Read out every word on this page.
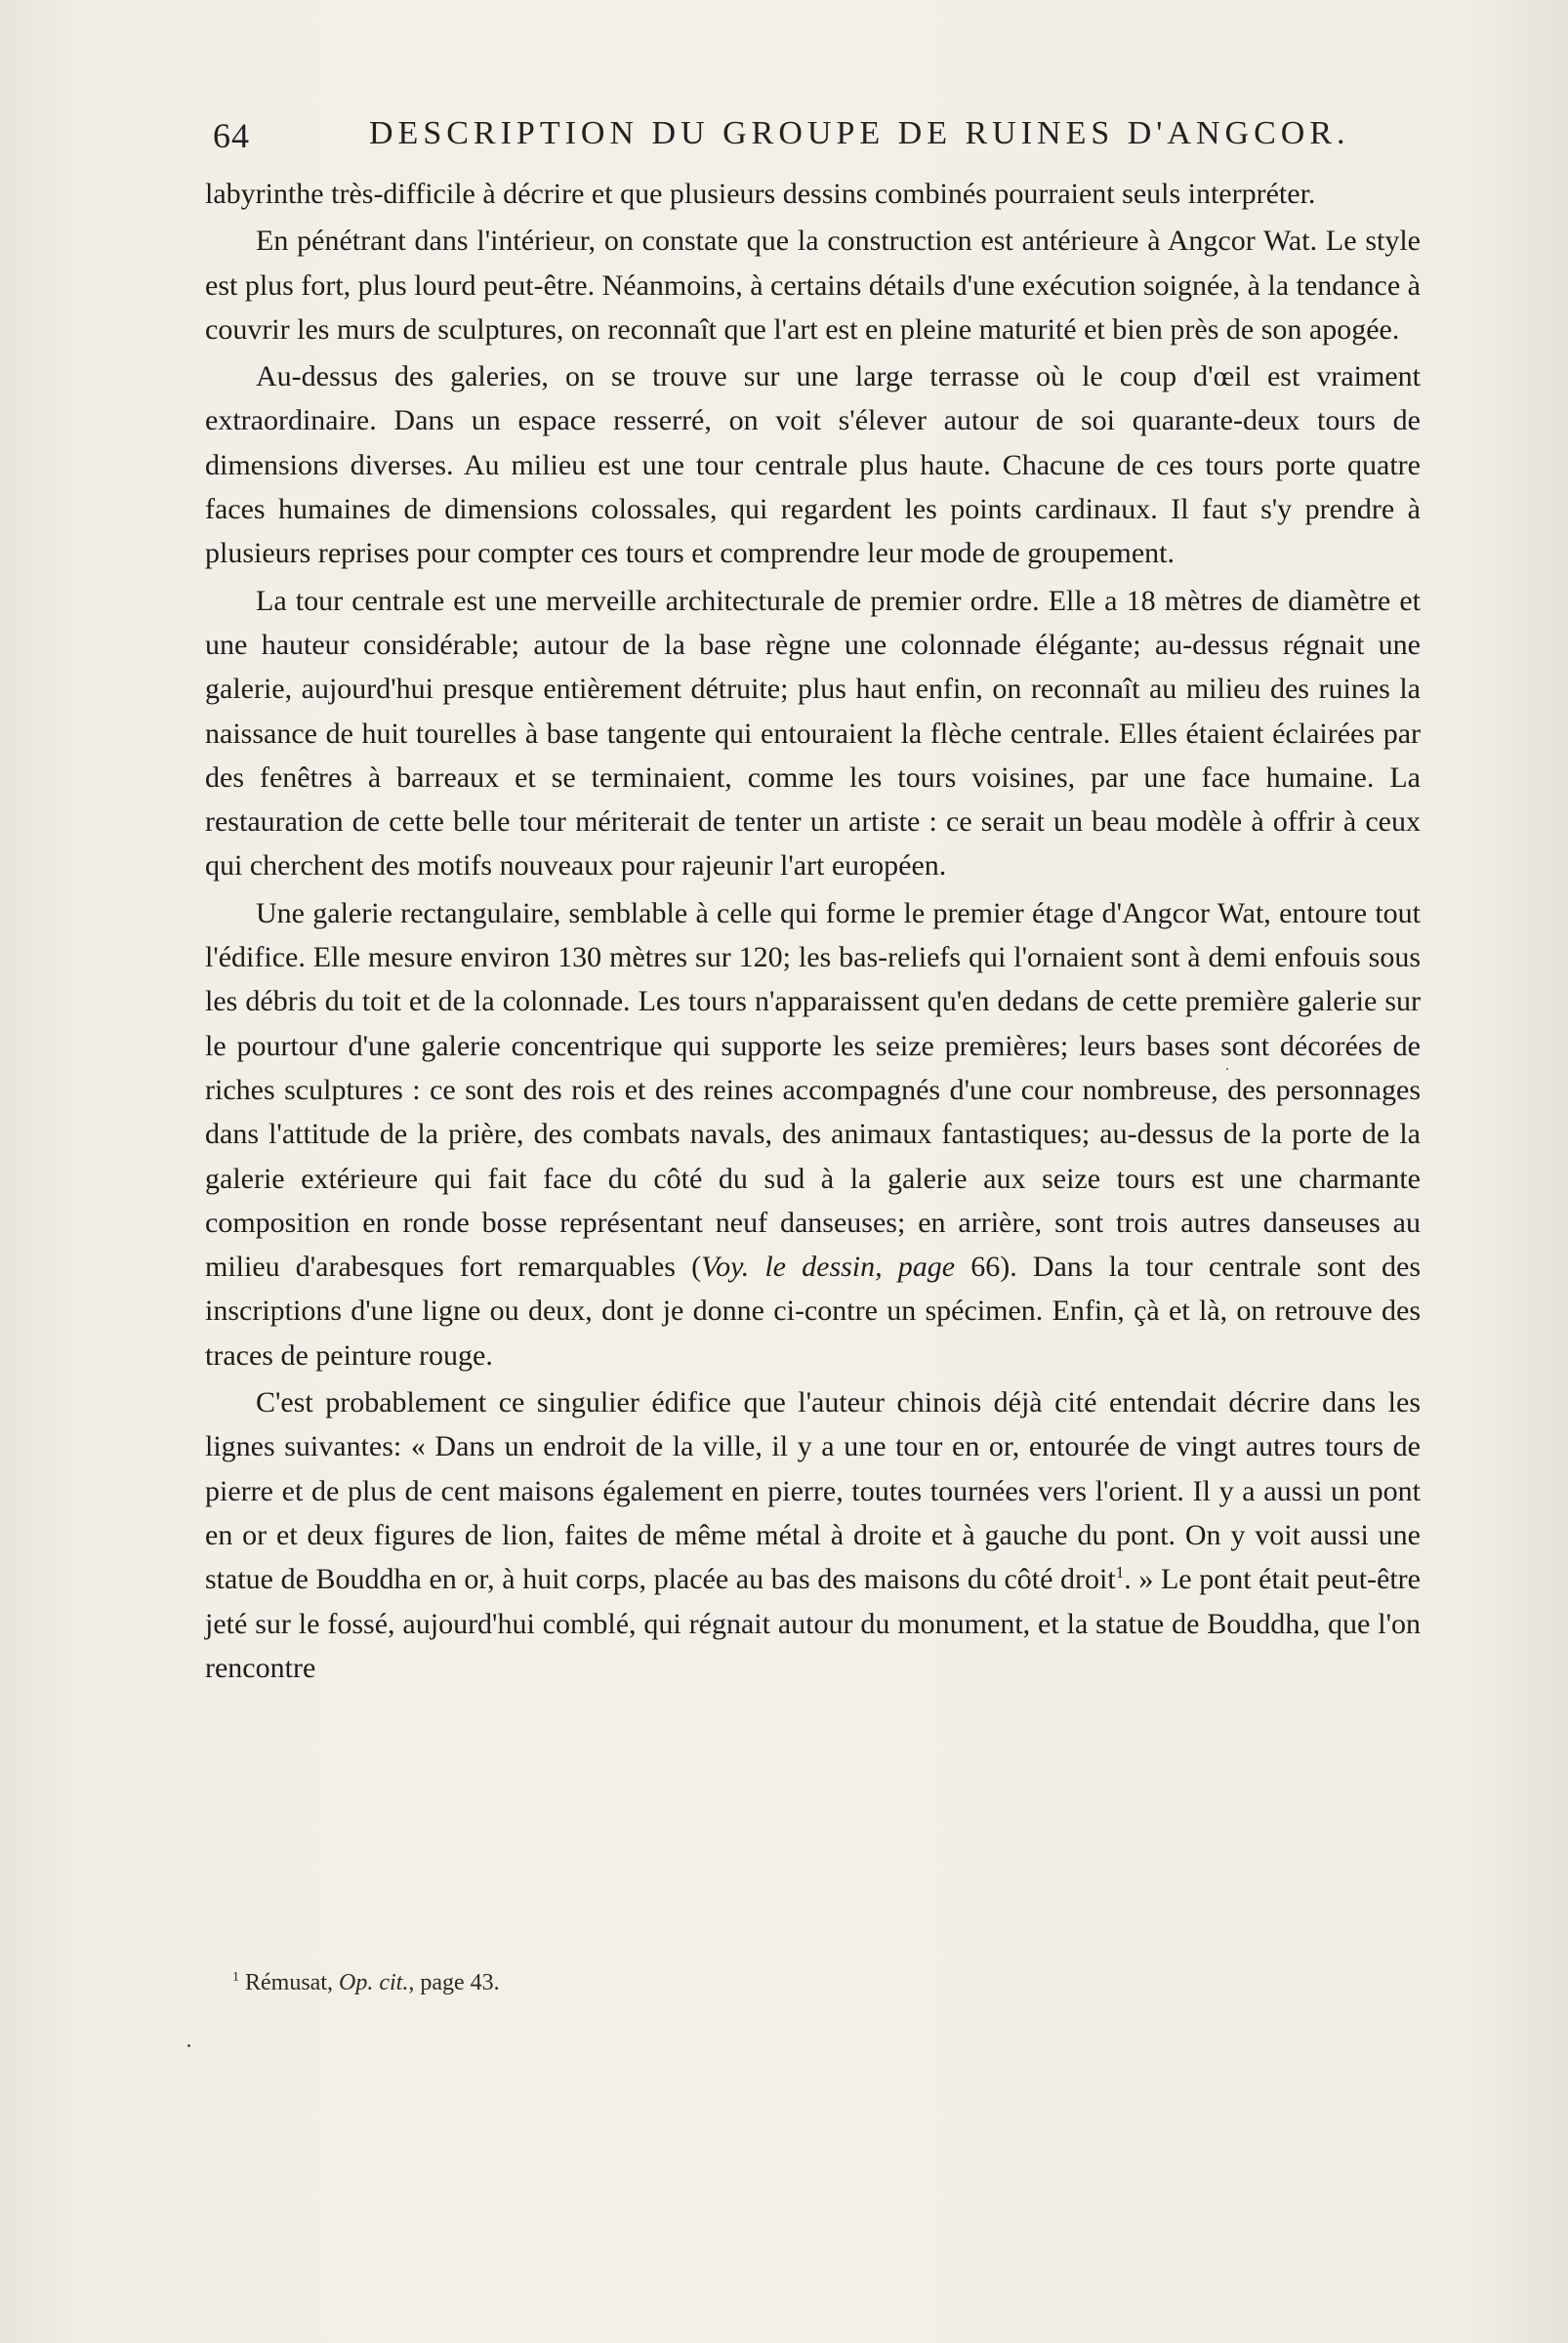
64	DESCRIPTION DU GROUPE DE RUINES D'ANGCOR.

labyrinthe très-difficile à décrire et que plusieurs dessins combinés pourraient seuls interpréter.

En pénétrant dans l'intérieur, on constate que la construction est antérieure à Angcor Wat. Le style est plus fort, plus lourd peut-être. Néanmoins, à certains détails d'une exécution soignée, à la tendance à couvrir les murs de sculptures, on reconnaît que l'art est en pleine maturité et bien près de son apogée.

Au-dessus des galeries, on se trouve sur une large terrasse où le coup d'œil est vraiment extraordinaire. Dans un espace resserré, on voit s'élever autour de soi quarante-deux tours de dimensions diverses. Au milieu est une tour centrale plus haute. Chacune de ces tours porte quatre faces humaines de dimensions colossales, qui regardent les points cardinaux. Il faut s'y prendre à plusieurs reprises pour compter ces tours et comprendre leur mode de groupement.

La tour centrale est une merveille architecturale de premier ordre. Elle a 18 mètres de diamètre et une hauteur considérable; autour de la base règne une colonnade élégante; au-dessus régnait une galerie, aujourd'hui presque entièrement détruite; plus haut enfin, on reconnaît au milieu des ruines la naissance de huit tourelles à base tangente qui entouraient la flèche centrale. Elles étaient éclairées par des fenêtres à barreaux et se terminaient, comme les tours voisines, par une face humaine. La restauration de cette belle tour mériterait de tenter un artiste : ce serait un beau modèle à offrir à ceux qui cherchent des motifs nouveaux pour rajeunir l'art européen.

Une galerie rectangulaire, semblable à celle qui forme le premier étage d'Angcor Wat, entoure tout l'édifice. Elle mesure environ 130 mètres sur 120; les bas-reliefs qui l'ornaient sont à demi enfouis sous les débris du toit et de la colonnade. Les tours n'apparaissent qu'en dedans de cette première galerie sur le pourtour d'une galerie concentrique qui supporte les seize premières; leurs bases sont décorées de riches sculptures : ce sont des rois et des reines accompagnés d'une cour nombreuse, des personnages dans l'attitude de la prière, des combats navals, des animaux fantastiques; au-dessus de la porte de la galerie extérieure qui fait face du côté du sud à la galerie aux seize tours est une charmante composition en ronde bosse représentant neuf danseuses; en arrière, sont trois autres danseuses au milieu d'arabesques fort remarquables (Voy. le dessin, page 66). Dans la tour centrale sont des inscriptions d'une ligne ou deux, dont je donne ci-contre un spécimen. Enfin, çà et là, on retrouve des traces de peinture rouge.

C'est probablement ce singulier édifice que l'auteur chinois déjà cité entendait décrire dans les lignes suivantes: « Dans un endroit de la ville, il y a une tour en or, entourée de vingt autres tours de pierre et de plus de cent maisons également en pierre, toutes tournées vers l'orient. Il y a aussi un pont en or et deux figures de lion, faites de même métal à droite et à gauche du pont. On y voit aussi une statue de Bouddha en or, à huit corps, placée au bas des maisons du côté droit$^1$. » Le pont était peut-être jeté sur le fossé, aujourd'hui comblé, qui régnait autour du monument, et la statue de Bouddha, que l'on rencontre

$^1$ Rémusat, Op. cit., page 43.
